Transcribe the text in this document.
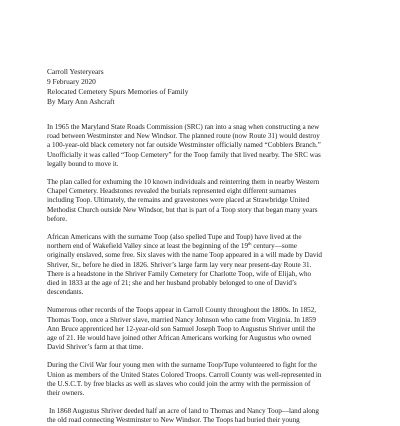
Carroll Yesteryears

9 February 2020

Relocated Cemetery Spurs Memories of Family

By Mary Ann Ashcraft

In 1965 the Maryland State Roads Commission (SRC) ran into a snag when constructing a new
road between Westminster and New Windsor. The planned route (now Route 31) would destroy
a 100-year-old black cemetery not far outside Westminster officially named “Cobblers Branch.”
Unofficially it was called “Toop Cemetery” for the Toop family that lived nearby. The SRC was
legally bound to move it.

The plan called for exhuming the 10 known individuals and reinterring them in nearby Western
Chapel Cemetery. Headstones revealed the burials represented eight different surnames
including Toop. Ultimately, the remains and gravestones were placed at Strawbridge United
Methodist Church outside New Windsor, but that is part of a Toop story that began many years
before.

African Americans with the surname Toop (also spelled Tupe and Toup) have lived at the
northern end of Wakefield Valley since at least the beginning of the 19th century—some
originally enslaved, some free. Six slaves with the name Toop appeared in a will made by David
Shriver, Sr., before he died in 1826. Shriver’s large farm lay very near present-day Route 31.
There is a headstone in the Shriver Family Cemetery for Charlotte Toop, wife of Elijah, who
died in 1833 at the age of 21; she and her husband probably belonged to one of David’s
descendants.

Numerous other records of the Toops appear in Carroll County throughout the 1800s. In 1852,
Thomas Toop, once a Shriver slave, married Nancy Johnson who came from Virginia. In 1859
Ann Bruce apprenticed her 12-year-old son Samuel Joseph Toop to Augustus Shriver until the
age of 21. He would have joined other African Americans working for Augustus who owned
David Shriver’s farm at that time.

During the Civil War four young men with the surname Toop/Tupe volunteered to fight for the
Union as members of the United States Colored Troops. Carroll County was well-represented in
the U.S.C.T. by free blacks as well as slaves who could join the army with the permission of
their owners.

In 1868 Augustus Shriver deeded half an acre of land to Thomas and Nancy Toop—land along
the old road connecting Westminster to New Windsor. The Toops had buried their young
